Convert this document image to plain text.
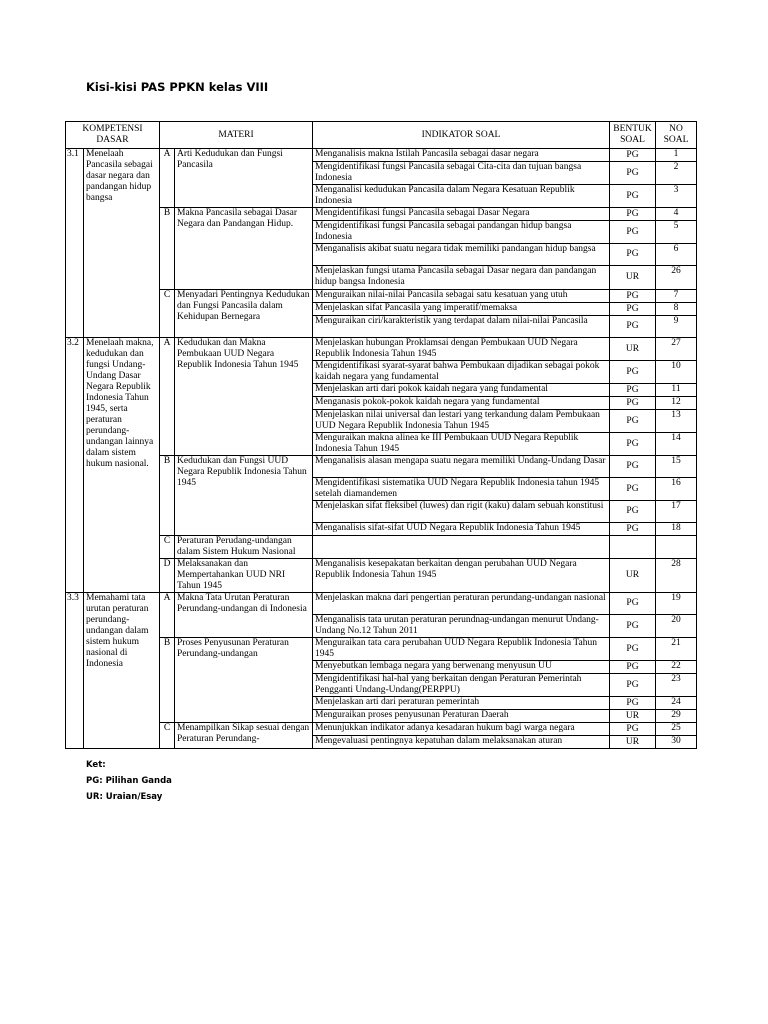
Kisi-kisi PAS PPKN kelas VIII
KOMPETENSI DASAR		MATERI		INDIKATOR SOAL	BENTUK SOAL	NO SOAL
3.1	Menelaah Pancasila sebagai dasar negara dan pandangan hidup bangsa	A	Arti Kedudukan dan Fungsi Pancasila	Menganalisis makna Istilah Pancasila sebagai dasar negara	PG	1
				Mengidentifikasi fungsi Pancasila sebagai Cita-cita dan tujuan bangsa Indonesia	PG	2
				Menganalisi kedudukan Pancasila dalam Negara Kesatuan Republik Indonesia	PG	3
		B	Makna Pancasila sebagai Dasar Negara dan Pandangan Hidup.	Mengidentifikasi fungsi Pancasila sebagai Dasar Negara	PG	4
				Mengidentifikasi fungsi Pancasila sebagai pandangan hidup bangsa Indonesia	PG	5
				Menganalisis akibat suatu negara tidak memiliki pandangan hidup bangsa	PG	6
				Menjelaskan fungsi utama Pancasila sebagai Dasar negara dan pandangan hidup bangsa Indonesia	UR	26
		C	Menyadari Pentingnya Kedudukan dan Fungsi Pancasila dalam Kehidupan Bernegara	Menguraikan nilai-nilai Pancasila sebagai satu kesatuan yang utuh	PG	7
				Menjelaskan sifat Pancasila yang imperatif/memaksa	PG	8
				Menguraikan ciri/karakteristik yang terdapat dalam nilai-nilai Pancasila	PG	9
3.2	Menelaah makna, kedudukan dan fungsi Undang-Undang Dasar Negara Republik Indonesia Tahun 1945, serta peraturan perundang-undangan lainnya dalam sistem hukum nasional.	A	Kedudukan dan Makna Pembukaan UUD Negara Republik Indonesia Tahun 1945	Menjelaskan hubungan Proklamsai dengan Pembukaan UUD Negara Republik Indonesia Tahun 1945	UR	27
				Mengidentifikasi syarat-syarat bahwa Pembukaan dijadikan sebagai pokok kaidah negara yang fundamental	PG	10
				Menjelaskan arti dari pokok kaidah negara yang fundamental	PG	11
				Menganasis pokok-pokok kaidah negara yang fundamental	PG	12
				Menjelaskan nilai universal dan lestari yang terkandung dalam Pembukaan UUD Negara Republik Indonesia Tahun 1945	PG	13
				Menguraikan makna alinea ke III Pembukaan UUD Negara Republik Indonesia Tahun 1945	PG	14
		B	Kedudukan dan Fungsi UUD Negara Republik Indonesia Tahun 1945	Menganalisis alasan mengapa suatu negara memiliki Undang-Undang Dasar	PG	15
				Mengidentifikasi sistematika UUD Negara Republik Indonesia tahun 1945 setelah diamandemen	PG	16
				Menjelaskan sifat fleksibel (luwes) dan rigit (kaku) dalam sebuah konstitusi	PG	17
				Menganalisis sifat-sifat UUD Negara Republik Indonesia Tahun 1945	PG	18
		C	Peraturan Perudang-undangan dalam Sistem Hukum Nasional			
		D	Melaksanakan dan Mempertahankan UUD NRI Tahun 1945	Menganalisis kesepakatan berkaitan dengan perubahan UUD Negara Republik Indonesia Tahun 1945	UR	28
3.3	Memahami tata urutan peraturan perundang-undangan dalam sistem hukum nasional di Indonesia	A	Makna Tata Urutan Peraturan Perundang-undangan di Indonesia	Menjelaskan makna dari pengertian peraturan perundang-undangan nasional	PG	19
				Menganalisis tata urutan peraturan perundnag-undangan menurut Undang-Undang No.12 Tahun 2011	PG	20
		B	Proses Penyusunan Peraturan Perundang-undangan	Menguraikan tata cara perubahan UUD Negara Republik Indonesia Tahun 1945	PG	21
				Menyebutkan lembaga negara yang berwenang menyusun UU	PG	22
				Mengidentifikasi hal-hal yang berkaitan dengan Peraturan Pemerintah Pengganti Undang-Undang(PERPPU)	PG	23
				Menjelaskan arti dari peraturan pemerintah	PG	24
				Menguraikan proses penyusunan Peraturan Daerah	UR	29
		C	Menampilkan Sikap sesuai dengan Peraturan Perundang-	Menunjukkan indikator adanya kesadaran hukum bagi warga negara	PG	25
				Mengevaluasi pentingnya kepatuhan dalam melaksanakan aturan	UR	30
Ket:
PG: Pilihan Ganda
UR: Uraian/Esay
